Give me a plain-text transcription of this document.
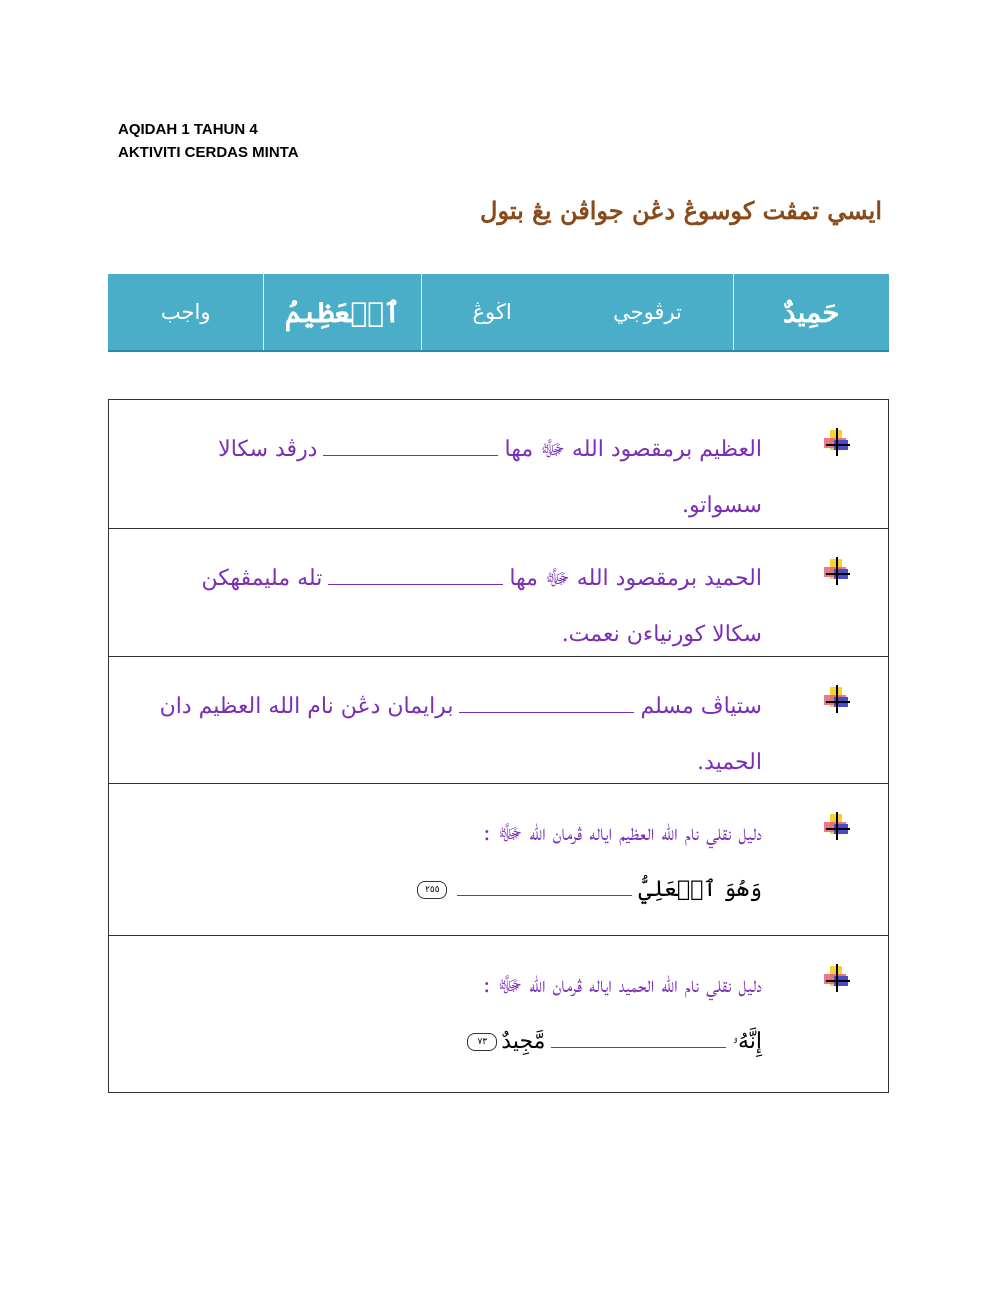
AQIDAH 1 TAHUN 4
AKTIVITI CERDAS MINTA
ايسي تمڤت كوسوڠ دڠن جواڤن يڠ بتول
حَمِيدٌ
ترڤوجي
اڬوڠ
ٱلۡعَظِيمُ
واجب
العظيم برمقصود الله ﷻ مهادرڤد سكالا
سسواتو.
الحميد برمقصود الله ﷻ مهاتله مليمڤهكن
سكالا كورنياءن نعمت.
ستياڤ مسلمبرايمان دڠن نام الله العظيم دان
الحميد.
دليل نقلي نام الله العظيم اياله ڤرمان الله ﷻ :
وَهُوَ ٱلۡعَلِيُّ٢٥٥
دليل نقلي نام الله الحميد اياله ڤرمان الله ﷻ :
إِنَّهُۥمَّجِيدٌ٧٣
